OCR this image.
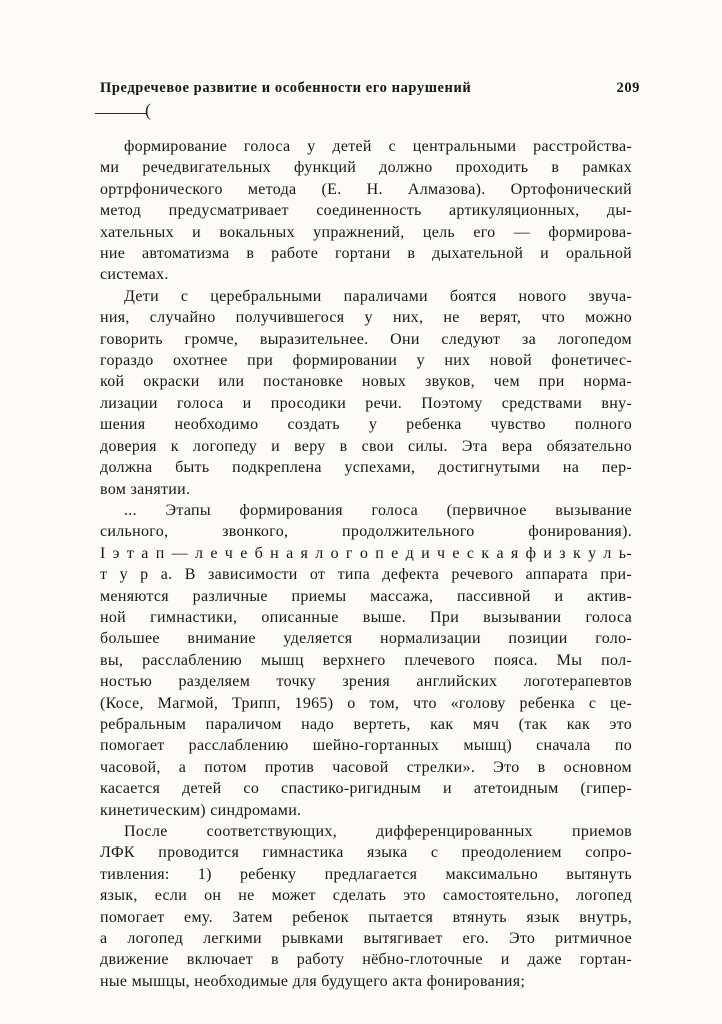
Предречевое развитие и особенности его нарушений	209
(
формирование голоса у детей с центральными расстройства-
ми речедвигательных функций должно проходить в рамках
ортрфонического метода (Е. Н. Алмазова). Ортофонический
метод предусматривает соединенность артикуляционных, ды-
хательных и вокальных упражнений, цель его — формирова-
ние автоматизма в работе гортани в дыхательной и оральной
системах.
Дети с церебральными параличами боятся нового звуча-
ния, случайно получившегося у них, не верят, что можно
говорить громче, выразительнее. Они следуют за логопедом
гораздо охотнее при формировании у них новой фонетичес-
кой окраски или постановке новых звуков, чем при норма-
лизации голоса и просодики речи. Поэтому средствами вну-
шения необходимо создать у ребенка чувство полного
доверия к логопеду и веру в свои силы. Эта вера обязательно
должна быть подкреплена успехами, достигнутыми на пер-
вом занятии.
... Этапы формирования голоса (первичное вызывание
сильного, звонкого, продолжительного фонирования).
I э т а п — л е ч е б н а я л о г о п е д и ч е с к а я ф и з к у л ь-
т у р а. В зависимости от типа дефекта речевого аппарата при-
меняются различные приемы массажа, пассивной и актив-
ной гимнастики, описанные выше. При вызывании голоса
большее внимание уделяется нормализации позиции голо-
вы, расслаблению мышц верхнего плечевого пояса. Мы пол-
ностью разделяем точку зрения английских логотерапевтов
(Косе, Магмой, Трипп, 1965) о том, что «голову ребенка с це-
ребральным параличом надо вертеть, как мяч (так как это
помогает расслаблению шейно-гортанных мышц) сначала по
часовой, а потом против часовой стрелки». Это в основном
касается детей со спастико-ригидным и атетоидным (гипер-
кинетическим) синдромами.
После соответствующих, дифференцированных приемов
ЛФК проводится гимнастика языка с преодолением сопро-
тивления: 1) ребенку предлагается максимально вытянуть
язык, если он не может сделать это самостоятельно, логопед
помогает ему. Затем ребенок пытается втянуть язык внутрь,
а логопед легкими рывками вытягивает его. Это ритмичное
движение включает в работу нёбно-глоточные и даже гортан-
ные мышцы, необходимые для будущего акта фонирования;
